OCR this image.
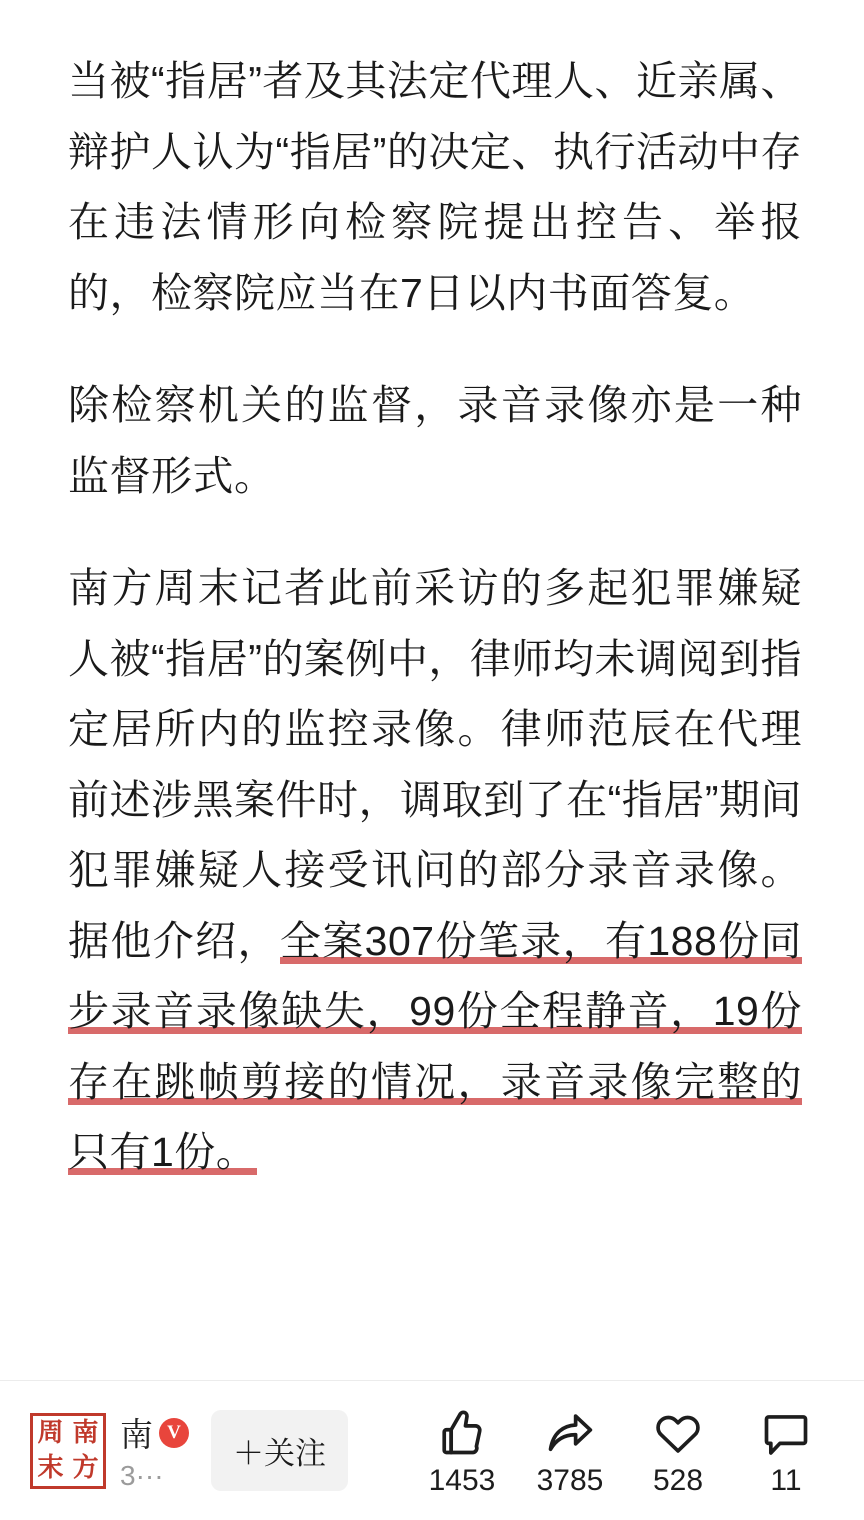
当被“指居”者及其法定代理人、近亲属、辩护人认为“指居”的决定、执行活动中存在违法情形向检察院提出控告、举报的，检察院应当在7日以内书面答复。

除检察机关的监督，录音录像亦是一种监督形式。

南方周末记者此前采访的多起犯罪嫌疑人被“指居”的案例中，律师均未调阅到指定居所内的监控录像。律师范辰在代理前述涉黑案件时，调取到了在“指居”期间犯罪嫌疑人接受讯问的部分录音录像。据他介绍，全案307份笔录，有188份同步录音录像缺失，99份全程静音，19份存在跳帧剪接的情况，录音录像完整的只有1份。

周 南
末 方
南 V
3···
＋关注
1453 3785 528 11
